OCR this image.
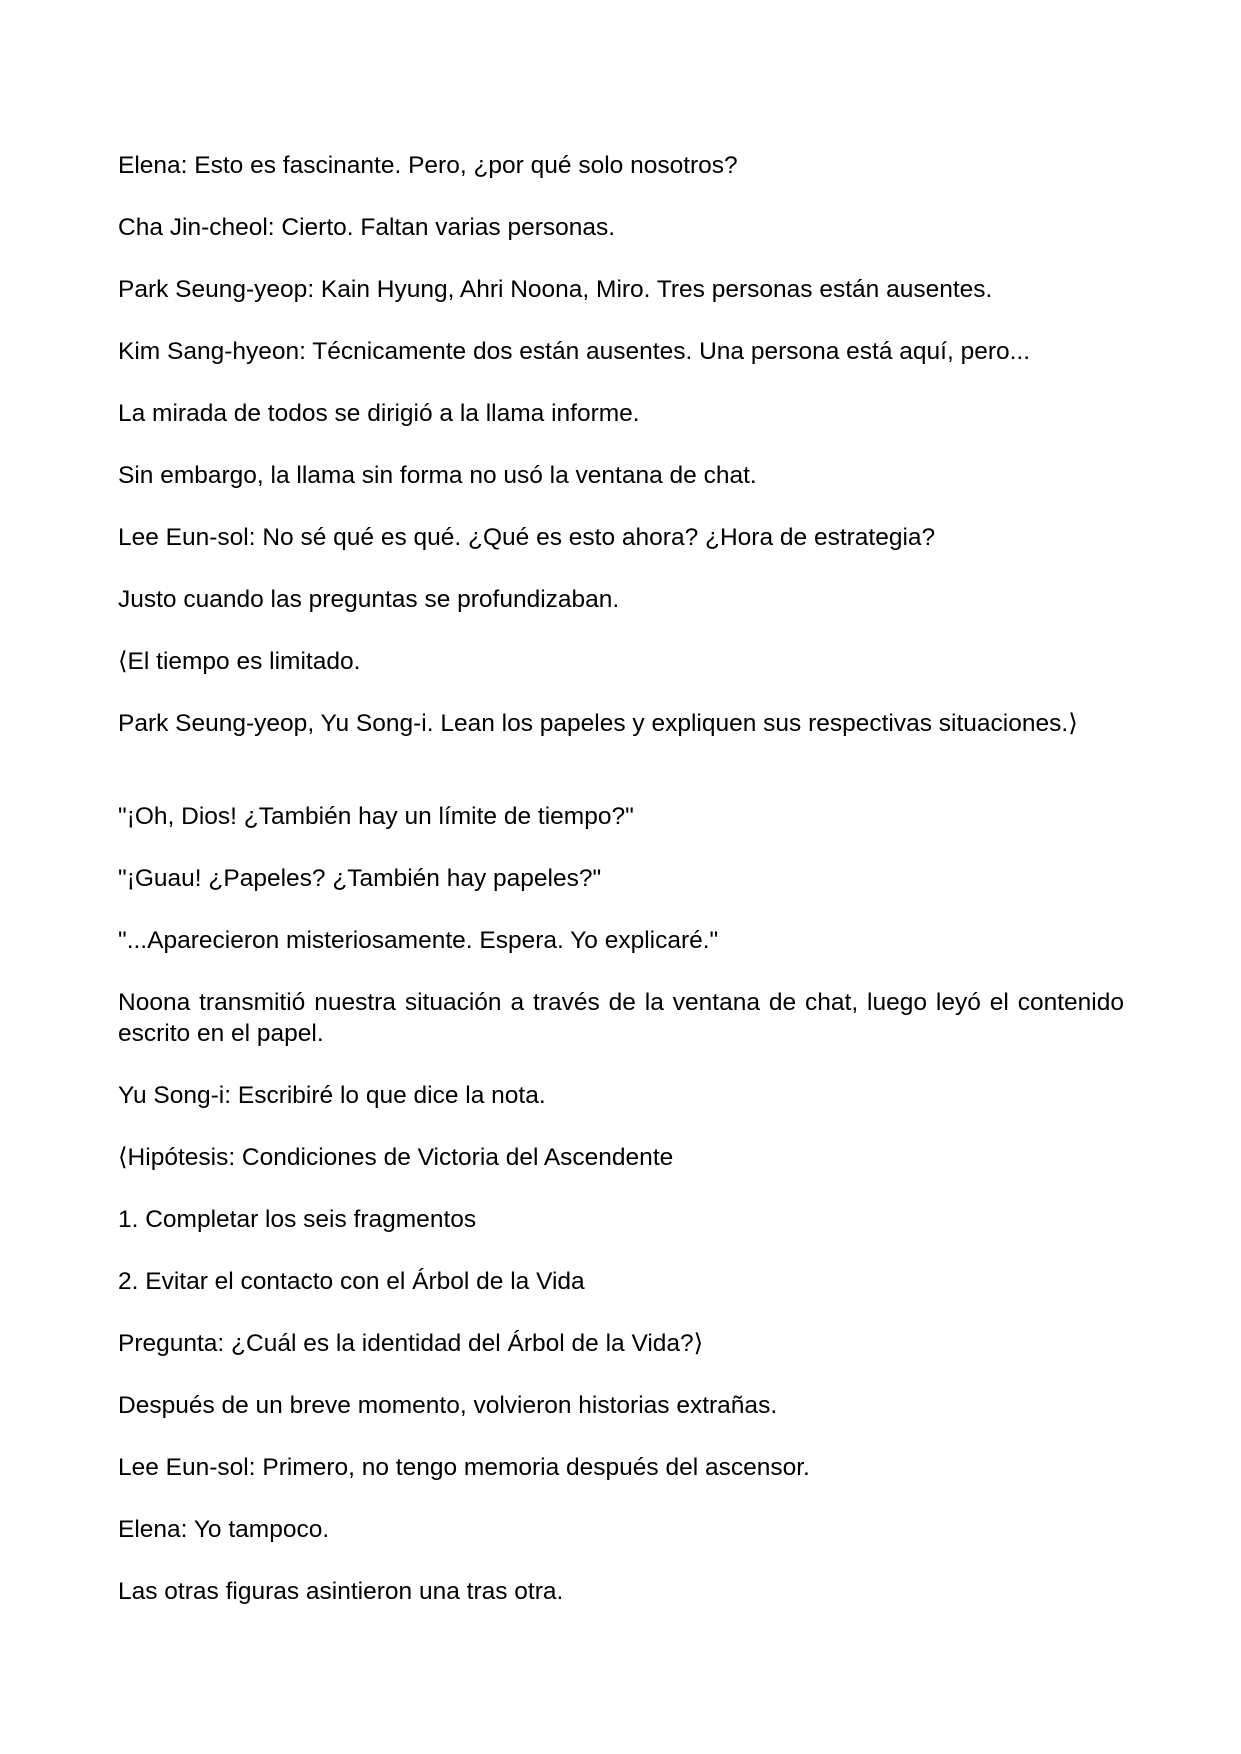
Elena: Esto es fascinante. Pero, ¿por qué solo nosotros?

Cha Jin-cheol: Cierto. Faltan varias personas.

Park Seung-yeop: Kain Hyung, Ahri Noona, Miro. Tres personas están ausentes.

Kim Sang-hyeon: Técnicamente dos están ausentes. Una persona está aquí, pero...

La mirada de todos se dirigió a la llama informe.

Sin embargo, la llama sin forma no usó la ventana de chat.

Lee Eun-sol: No sé qué es qué. ¿Qué es esto ahora? ¿Hora de estrategia?

Justo cuando las preguntas se profundizaban.

⟨El tiempo es limitado.

Park Seung-yeop, Yu Song-i. Lean los papeles y expliquen sus respectivas situaciones.⟩

"¡Oh, Dios! ¿También hay un límite de tiempo?"

"¡Guau! ¿Papeles? ¿También hay papeles?"

"...Aparecieron misteriosamente. Espera. Yo explicaré."

Noona transmitió nuestra situación a través de la ventana de chat, luego leyó el contenido escrito en el papel.

Yu Song-i: Escribiré lo que dice la nota.

⟨Hipótesis: Condiciones de Victoria del Ascendente

1. Completar los seis fragmentos

2. Evitar el contacto con el Árbol de la Vida

Pregunta: ¿Cuál es la identidad del Árbol de la Vida?⟩

Después de un breve momento, volvieron historias extrañas.

Lee Eun-sol: Primero, no tengo memoria después del ascensor.

Elena: Yo tampoco.

Las otras figuras asintieron una tras otra.
